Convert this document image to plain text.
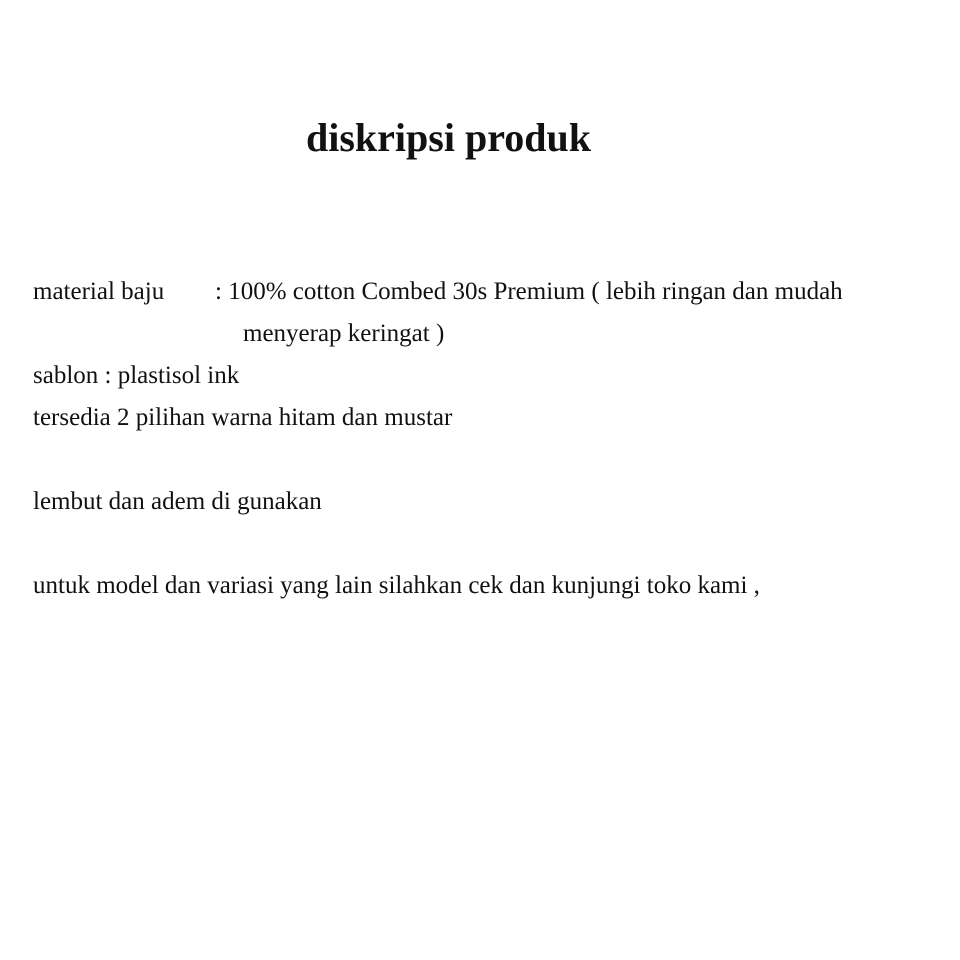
diskripsi produk

material baju : 100% cotton Combed 30s Premium ( lebih ringan dan mudah

menyerap keringat )

sablon : plastisol ink

tersedia 2 pilihan warna hitam dan mustar

lembut dan adem di gunakan

untuk model dan variasi yang lain silahkan cek dan kunjungi toko kami ,
